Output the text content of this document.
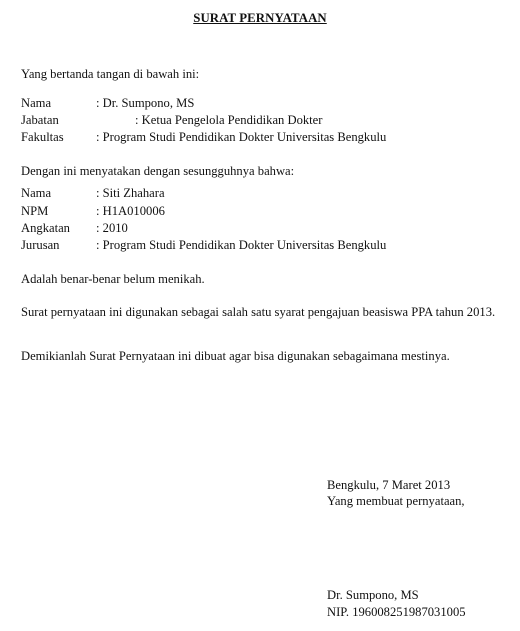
SURAT PERNYATAAN
Yang bertanda tangan di bawah ini:
Nama	: Dr. Sumpono, MS
Jabatan	: Ketua Pengelola Pendidikan Dokter
Fakultas	: Program Studi Pendidikan Dokter Universitas Bengkulu
Dengan ini menyatakan dengan sesungguhnya bahwa:
Nama	: Siti Zhahara
NPM	: H1A010006
Angkatan : 2010
Jurusan	: Program Studi Pendidikan Dokter Universitas Bengkulu
Adalah benar-benar belum menikah.
Surat pernyataan ini digunakan sebagai salah satu syarat pengajuan beasiswa PPA tahun 2013.
Demikianlah Surat Pernyataan ini dibuat agar bisa digunakan sebagaimana mestinya.
Bengkulu, 7 Maret 2013
Yang membuat pernyataan,
Dr. Sumpono, MS
NIP. 196008251987031005
